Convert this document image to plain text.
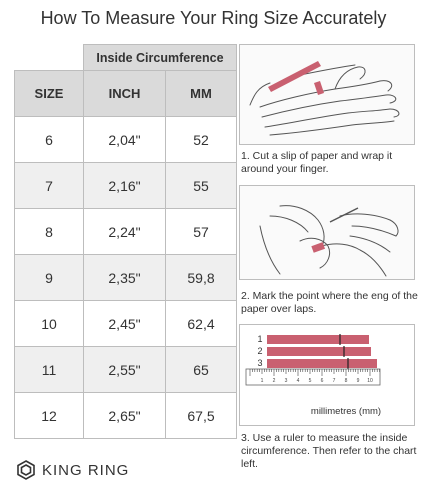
How To Measure Your Ring Size Accurately
	Inside Circumference	
SIZE	INCH	MM
6	2,04"	52
7	2,16"	55
8	2,24"	57
9	2,35"	59,8
10	2,45"	62,4
11	2,55"	65
12	2,65"	67,5
1. Cut a slip of paper and wrap it around your finger.
2. Mark the point where the eng of the paper over laps.
1
2
3
1 2 3 4 5 6 7 8 9 10
millimetres (mm)
3. Use a ruler to measure the inside circumference. Then refer to the chart left.
KING RING
